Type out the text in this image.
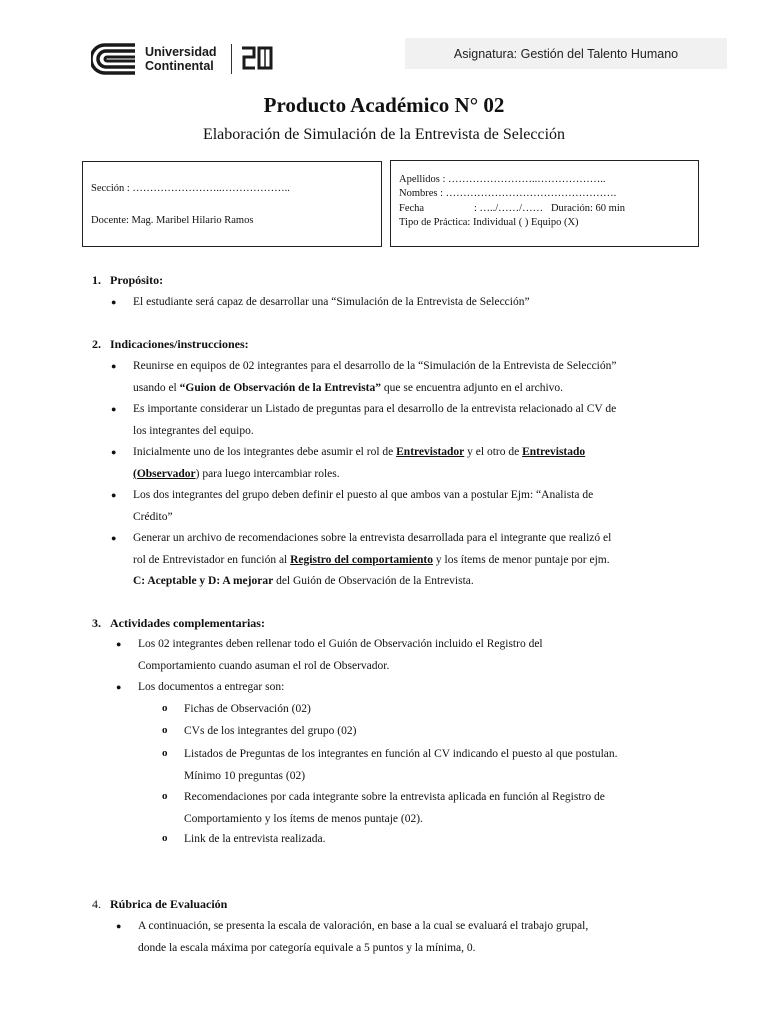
Universidad
Continental
Asignatura: Gestión del Talento Humano
Producto Académico N° 02
Elaboración de Simulación de la Entrevista de Selección
Sección : ……………………..………………..
Docente: Mag. Maribel Hilario Ramos
Apellidos : ……………………..………………..
Nombres : ………………………………………….
Fecha                   : …../……/……   Duración: 60 min
Tipo de Práctica: Individual ( ) Equipo (X)
1. Propósito:
● El estudiante será capaz de desarrollar una “Simulación de la Entrevista de Selección”
2. Indicaciones/instrucciones:
● Reunirse en equipos de 02 integrantes para el desarrollo de la “Simulación de la Entrevista de Selección”
usando el “Guion de Observación de la Entrevista” que se encuentra adjunto en el archivo.
● Es importante considerar un Listado de preguntas para el desarrollo de la entrevista relacionado al CV de
los integrantes del equipo.
● Inicialmente uno de los integrantes debe asumir el rol de Entrevistador y el otro de Entrevistado
(Observador) para luego intercambiar roles.
● Los dos integrantes del grupo deben definir el puesto al que ambos van a postular Ejm: “Analista de
Crédito”
● Generar un archivo de recomendaciones sobre la entrevista desarrollada para el integrante que realizó el
rol de Entrevistador en función al Registro del comportamiento y los ítems de menor puntaje por ejm.
C: Aceptable y D: A mejorar del Guión de Observación de la Entrevista.
3. Actividades complementarias:
● Los 02 integrantes deben rellenar todo el Guión de Observación incluido el Registro del
Comportamiento cuando asuman el rol de Observador.
● Los documentos a entregar son:
o Fichas de Observación (02)
o CVs de los integrantes del grupo (02)
o Listados de Preguntas de los integrantes en función al CV indicando el puesto al que postulan.
Mínimo 10 preguntas (02)
o Recomendaciones por cada integrante sobre la entrevista aplicada en función al Registro de
Comportamiento y los ítems de menos puntaje (02).
o Link de la entrevista realizada.
4. Rúbrica de Evaluación
● A continuación, se presenta la escala de valoración, en base a la cual se evaluará el trabajo grupal,
donde la escala máxima por categoría equivale a 5 puntos y la mínima, 0.
